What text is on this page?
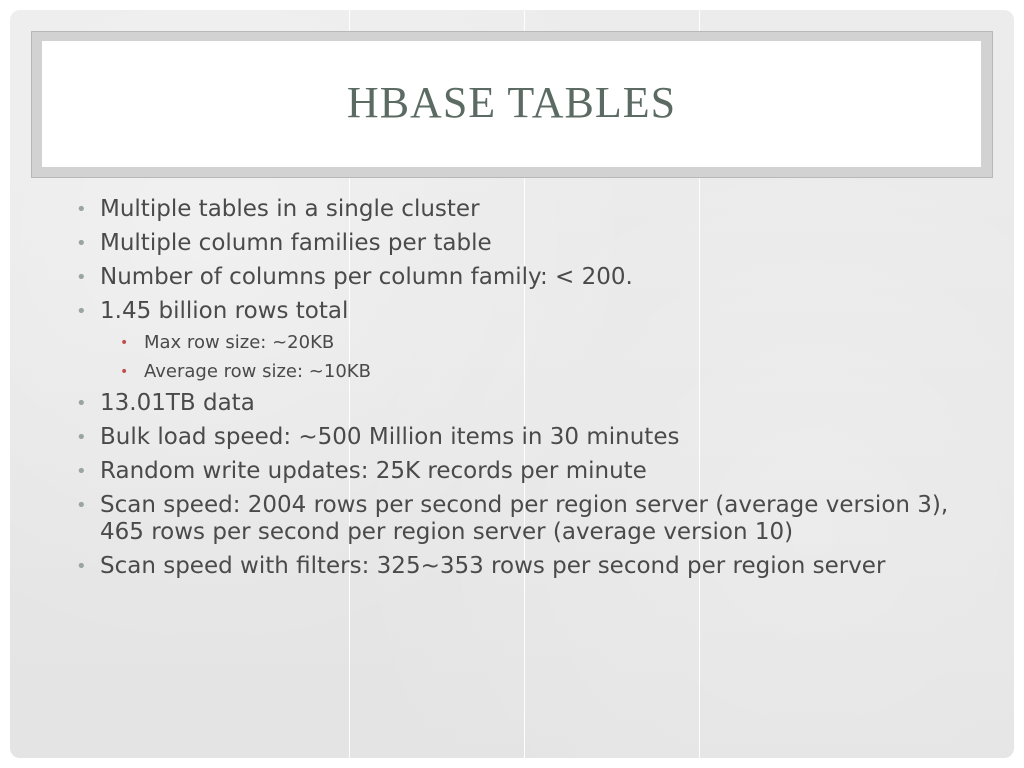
HBASE TABLES
• Multiple tables in a single cluster
• Multiple column families per table
• Number of columns per column family: < 200.
• 1.45 billion rows total
• Max row size: ~20KB
• Average row size: ~10KB
• 13.01TB data
• Bulk load speed: ~500 Million items in 30 minutes
• Random write updates: 25K records per minute
• Scan speed: 2004 rows per second per region server (average version 3), 465 rows per second per region server (average version 10)
• Scan speed with filters: 325~353 rows per second per region server
